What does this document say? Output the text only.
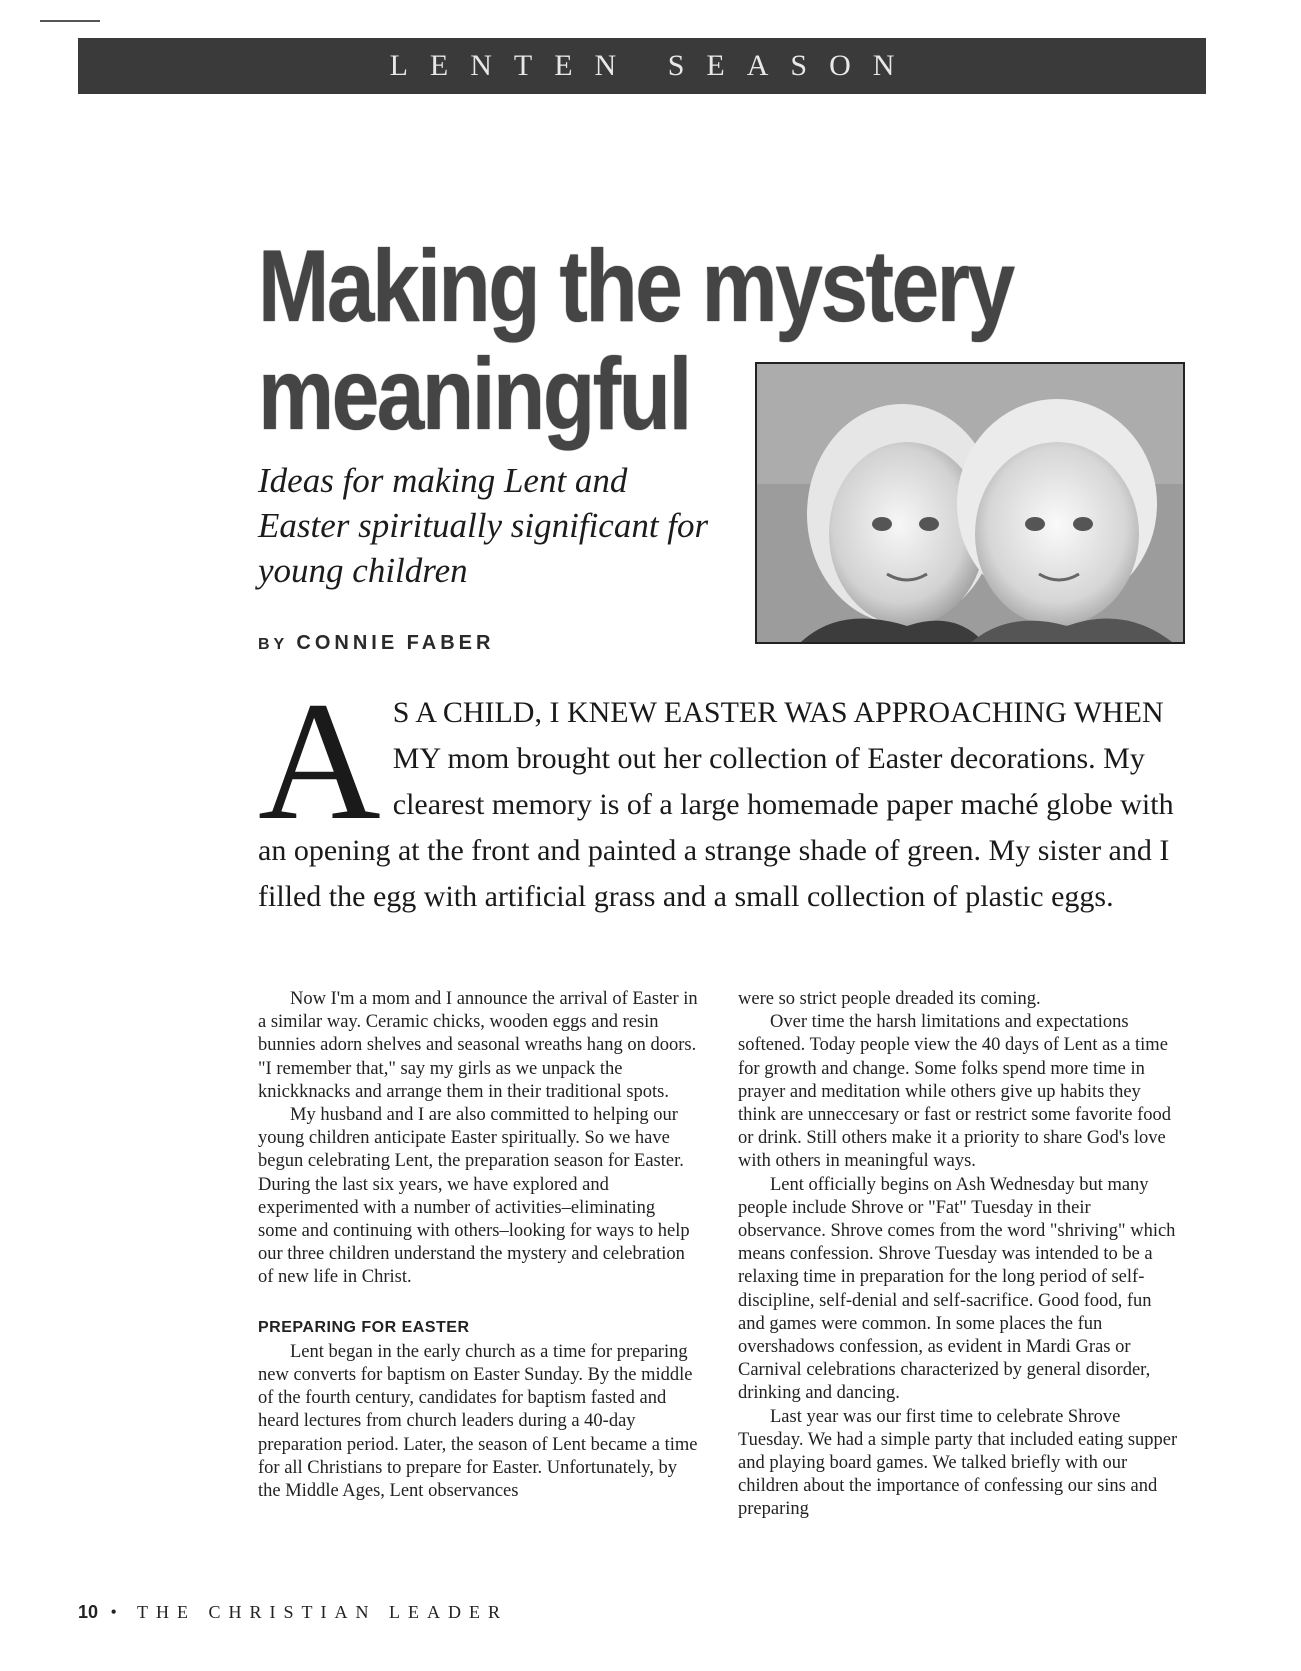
LENTEN SEASON
Making the mystery
meaningful

Ideas for making Lent and Easter spiritually significant for young children

BY CONNIE FABER
A S A CHILD, I KNEW EASTER WAS APPROACHING WHEN MY mom brought out her collection of Easter decorations. My clearest memory is of a large homemade paper maché globe with an opening at the front and painted a strange shade of green. My sister and I filled the egg with artificial grass and a small collection of plastic eggs.

Now I'm a mom and I announce the arrival of Easter in a similar way. Ceramic chicks, wooden eggs and resin bunnies adorn shelves and seasonal wreaths hang on doors. "I remember that," say my girls as we unpack the knickknacks and arrange them in their traditional spots.

My husband and I are also committed to helping our young children anticipate Easter spiritually. So we have begun celebrating Lent, the preparation season for Easter. During the last six years, we have explored and experimented with a number of activities–eliminating some and continuing with others–looking for ways to help our three children understand the mystery and celebration of new life in Christ.

PREPARING FOR EASTER

Lent began in the early church as a time for preparing new converts for baptism on Easter Sunday. By the middle of the fourth century, candidates for baptism fasted and heard lectures from church leaders during a 40-day preparation period. Later, the season of Lent became a time for all Christians to prepare for Easter. Unfortunately, by the Middle Ages, Lent observances

were so strict people dreaded its coming.

Over time the harsh limitations and expectations softened. Today people view the 40 days of Lent as a time for growth and change. Some folks spend more time in prayer and meditation while others give up habits they think are unneccesary or fast or restrict some favorite food or drink. Still others make it a priority to share God's love with others in meaningful ways.

Lent officially begins on Ash Wednesday but many people include Shrove or "Fat" Tuesday in their observance. Shrove comes from the word "shriving" which means confession. Shrove Tuesday was intended to be a relaxing time in preparation for the long period of self-discipline, self-denial and self-sacrifice. Good food, fun and games were common. In some places the fun overshadows confession, as evident in Mardi Gras or Carnival celebrations characterized by general disorder, drinking and dancing.

Last year was our first time to celebrate Shrove Tuesday. We had a simple party that included eating supper and playing board games. We talked briefly with our children about the importance of confessing our sins and preparing

10 • THE CHRISTIAN LEADER
